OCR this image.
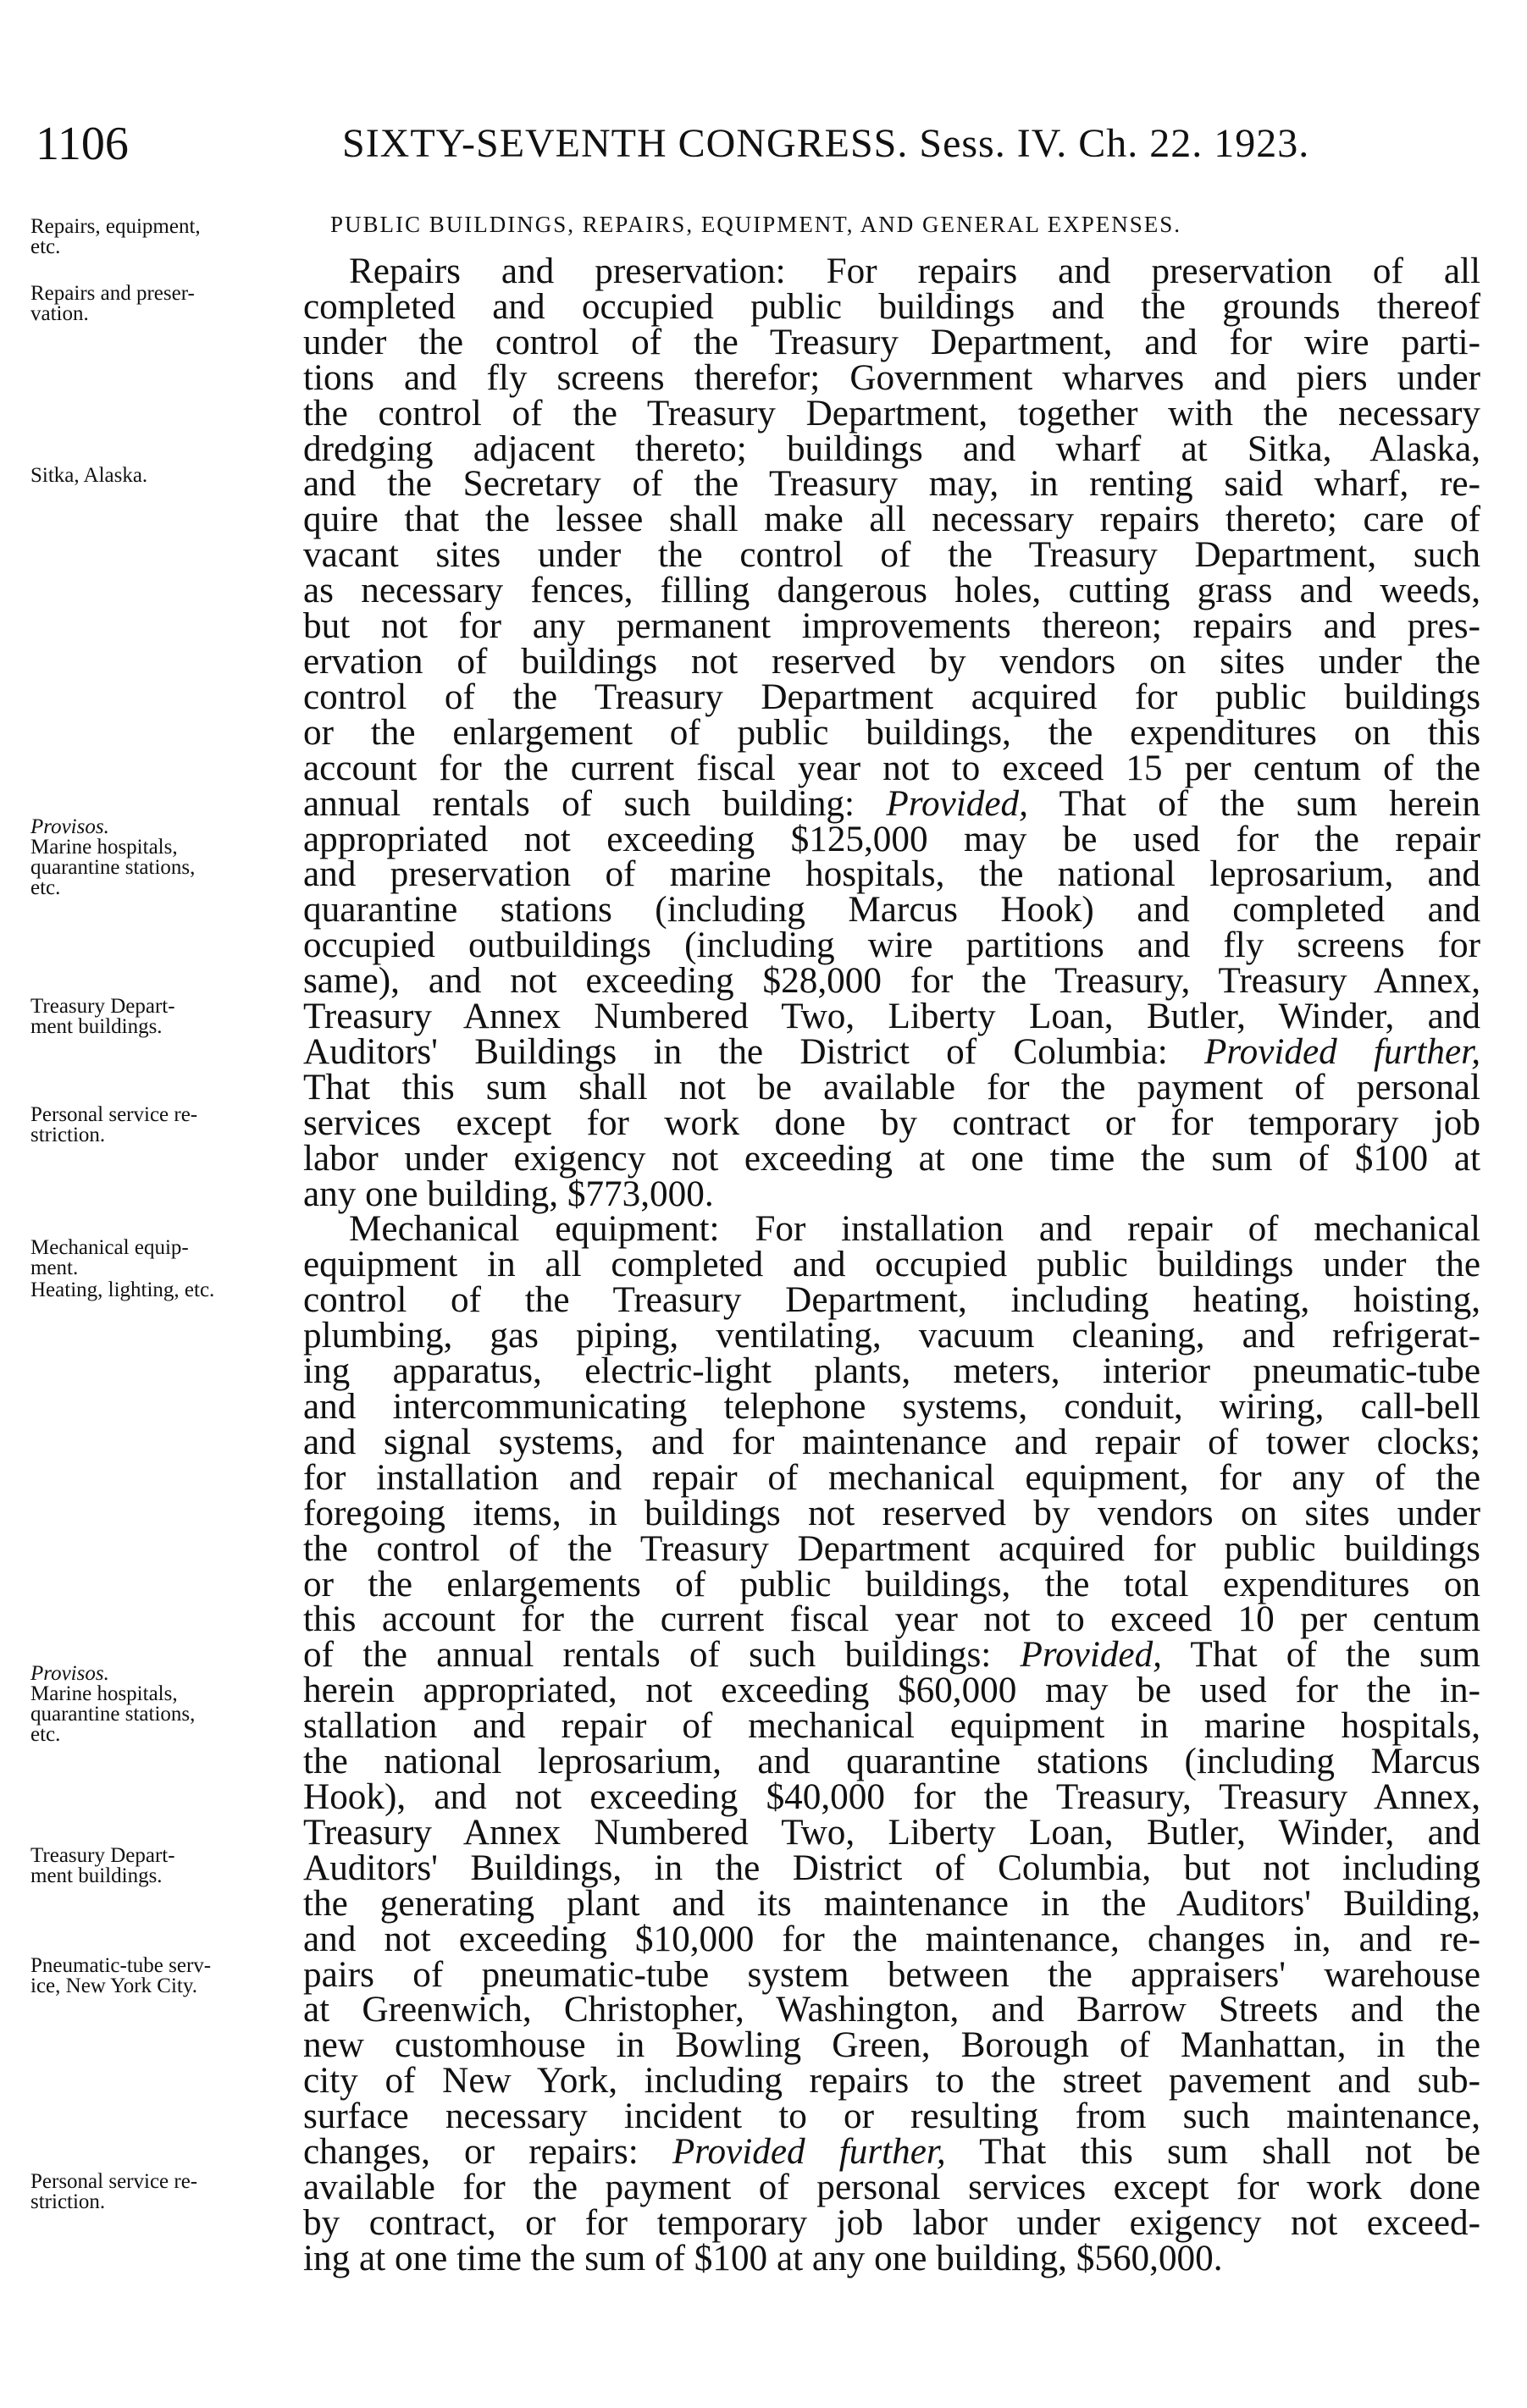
1106	SIXTY-SEVENTH CONGRESS. Sess. IV. Ch. 22. 1923.
PUBLIC BUILDINGS, REPAIRS, EQUIPMENT, AND GENERAL EXPENSES.
Repairs, equipment,
etc.
Repairs and preser-
vation.
Sitka, Alaska.
Provisos.
Marine hospitals,
quarantine stations,
etc.
Treasury Depart-
ment buildings.
Personal service re-
striction.
Mechanical equip-
ment.
Heating, lighting, etc.
Provisos.
Marine hospitals,
quarantine stations,
etc.
Treasury Depart-
ment buildings.
Pneumatic-tube serv-
ice, New York City.
Personal service re-
striction.
Repairs and preservation: For repairs and preservation of all
completed and occupied public buildings and the grounds thereof
under the control of the Treasury Department, and for wire parti-
tions and fly screens therefor; Government wharves and piers under
the control of the Treasury Department, together with the necessary
dredging adjacent thereto; buildings and wharf at Sitka, Alaska,
and the Secretary of the Treasury may, in renting said wharf, re-
quire that the lessee shall make all necessary repairs thereto; care of
vacant sites under the control of the Treasury Department, such
as necessary fences, filling dangerous holes, cutting grass and weeds,
but not for any permanent improvements thereon; repairs and pres-
ervation of buildings not reserved by vendors on sites under the
control of the Treasury Department acquired for public buildings
or the enlargement of public buildings, the expenditures on this
account for the current fiscal year not to exceed 15 per centum of the
annual rentals of such building: Provided, That of the sum herein
appropriated not exceeding $125,000 may be used for the repair
and preservation of marine hospitals, the national leprosarium, and
quarantine stations (including Marcus Hook) and completed and
occupied outbuildings (including wire partitions and fly screens for
same), and not exceeding $28,000 for the Treasury, Treasury Annex,
Treasury Annex Numbered Two, Liberty Loan, Butler, Winder, and
Auditors' Buildings in the District of Columbia: Provided further,
That this sum shall not be available for the payment of personal
services except for work done by contract or for temporary job
labor under exigency not exceeding at one time the sum of $100 at
any one building, $773,000.
Mechanical equipment: For installation and repair of mechanical
equipment in all completed and occupied public buildings under the
control of the Treasury Department, including heating, hoisting,
plumbing, gas piping, ventilating, vacuum cleaning, and refrigerat-
ing apparatus, electric-light plants, meters, interior pneumatic-tube
and intercommunicating telephone systems, conduit, wiring, call-bell
and signal systems, and for maintenance and repair of tower clocks;
for installation and repair of mechanical equipment, for any of the
foregoing items, in buildings not reserved by vendors on sites under
the control of the Treasury Department acquired for public buildings
or the enlargements of public buildings, the total expenditures on
this account for the current fiscal year not to exceed 10 per centum
of the annual rentals of such buildings: Provided, That of the sum
herein appropriated, not exceeding $60,000 may be used for the in-
stallation and repair of mechanical equipment in marine hospitals,
the national leprosarium, and quarantine stations (including Marcus
Hook), and not exceeding $40,000 for the Treasury, Treasury Annex,
Treasury Annex Numbered Two, Liberty Loan, Butler, Winder, and
Auditors' Buildings, in the District of Columbia, but not including
the generating plant and its maintenance in the Auditors' Building,
and not exceeding $10,000 for the maintenance, changes in, and re-
pairs of pneumatic-tube system between the appraisers' warehouse
at Greenwich, Christopher, Washington, and Barrow Streets and the
new customhouse in Bowling Green, Borough of Manhattan, in the
city of New York, including repairs to the street pavement and sub-
surface necessary incident to or resulting from such maintenance,
changes, or repairs: Provided further, That this sum shall not be
available for the payment of personal services except for work done
by contract, or for temporary job labor under exigency not exceed-
ing at one time the sum of $100 at any one building, $560,000.
